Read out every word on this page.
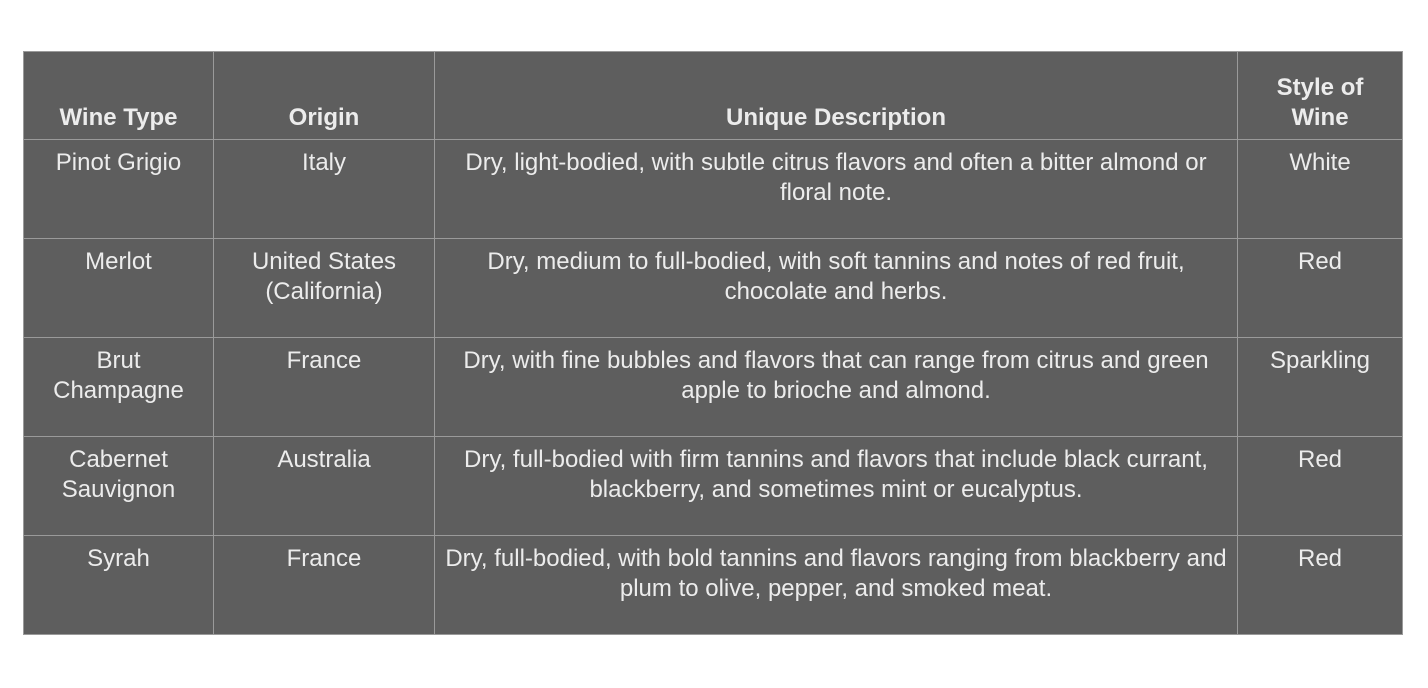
Wine Type	Origin	Unique Description	Style of Wine
Pinot Grigio	Italy	Dry, light-bodied, with subtle citrus flavors and often a bitter almond or floral note.	White
Merlot	United States (California)	Dry, medium to full-bodied, with soft tannins and notes of red fruit, chocolate and herbs.	Red
Brut Champagne	France	Dry, with fine bubbles and flavors that can range from citrus and green apple to brioche and almond.	Sparkling
Cabernet Sauvignon	Australia	Dry, full-bodied with firm tannins and flavors that include black currant, blackberry, and sometimes mint or eucalyptus.	Red
Syrah	France	Dry, full-bodied, with bold tannins and flavors ranging from blackberry and plum to olive, pepper, and smoked meat.	Red
